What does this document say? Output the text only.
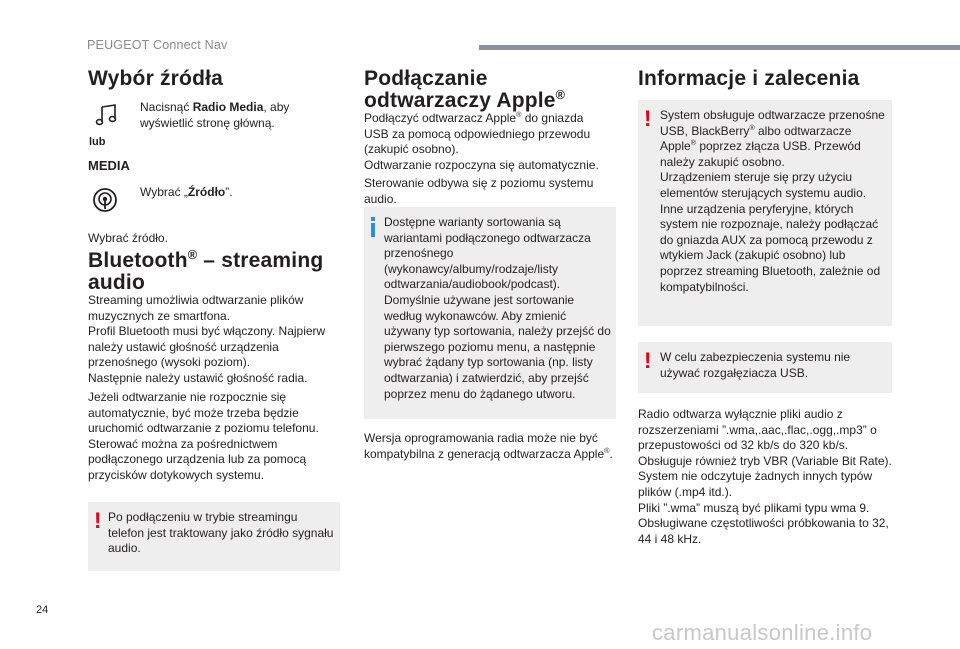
PEUGEOT Connect Nav
Wybór źródła

Nacisnąć Radio Media, aby wyświetlić stronę główną.

lub
MEDIA

Wybrać „Źródło”.

Wybrać źródło.

Bluetooth® – streaming audio

Streaming umożliwia odtwarzanie plików muzycznych ze smartfona.

Profil Bluetooth musi być włączony. Najpierw należy ustawić głośność urządzenia przenośnego (wysoki poziom).
Następnie należy ustawić głośność radia.

Jeżeli odtwarzanie nie rozpocznie się automatycznie, być może trzeba będzie uruchomić odtwarzanie z poziomu telefonu.
Sterować można za pośrednictwem podłączonego urządzenia lub za pomocą przycisków dotykowych systemu.

! Po podłączeniu w trybie streamingu telefon jest traktowany jako źródło sygnału audio.
Podłączanie odtwarzaczy Apple®

Podłączyć odtwarzacz Apple® do gniazda USB za pomocą odpowiedniego przewodu (zakupić osobno).
Odtwarzanie rozpoczyna się automatycznie.

Sterowanie odbywa się z poziomu systemu audio.

Wersja oprogramowania radia może nie być kompatybilna z generacją odtwarzacza Apple®.

Dostępne warianty sortowania są wariantami podłączonego odtwarzacza przenośnego (wykonawcy/albumy/rodzaje/listy odtwarzania/audiobook/podcast).
Domyślnie używane jest sortowanie według wykonawców. Aby zmienić używany typ sortowania, należy przejść do pierwszego poziomu menu, a następnie wybrać żądany typ sortowania (np. listy odtwarzania) i zatwierdzić, aby przejść poprzez menu do żądanego utworu.
Informacje i zalecenia

Radio odtwarza wyłącznie pliki audio z rozszerzeniami ”.wma,.aac,.flac,.ogg,.mp3” o przepustowości od 32 kb/s do 320 kb/s.
Obsługuje również tryb VBR (Variable Bit Rate).
System nie odczytuje żadnych innych typów plików (.mp4 itd.).
Pliki ”.wma” muszą być plikami typu wma 9.
Obsługiwane częstotliwości próbkowania to 32, 44 i 48 kHz.

! System obsługuje odtwarzacze przenośne USB, BlackBerry® albo odtwarzacze Apple® poprzez złącza USB. Przewód należy zakupić osobno.
Urządzeniem steruje się przy użyciu elementów sterujących systemu audio.
Inne urządzenia peryferyjne, których system nie rozpoznaje, należy podłączać do gniazda AUX za pomocą przewodu z wtykiem Jack (zakupić osobno) lub poprzez streaming Bluetooth, zależnie od kompatybilności.
! W celu zabezpieczenia systemu nie używać rozgałęziacza USB.
24
carmanualsonline.info
